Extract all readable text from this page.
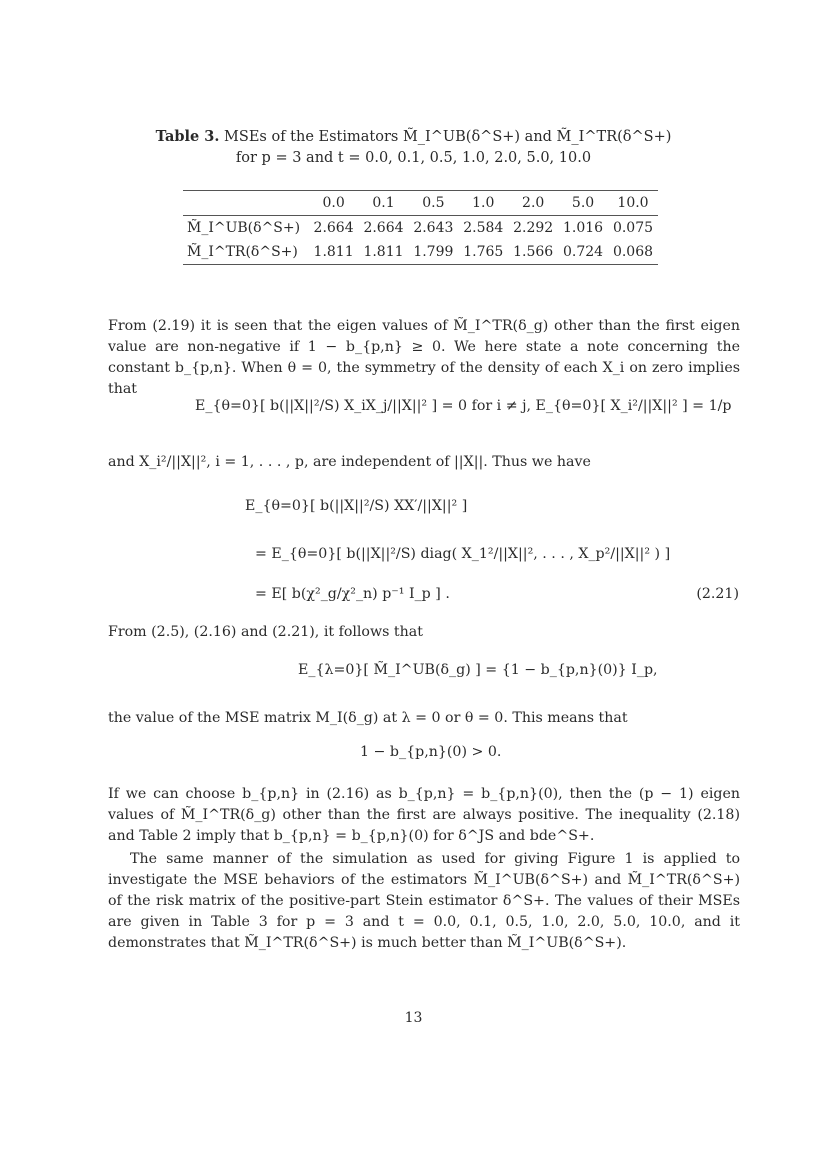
Table 3. MSEs of the Estimators M̃_I^UB(δ^S+) and M̃_I^TR(δ^S+)
for p = 3 and t = 0.0, 0.1, 0.5, 1.0, 2.0, 5.0, 10.0
	0.0	0.1	0.5	1.0	2.0	5.0	10.0
M̃_I^UB(δ^S+)	2.664	2.664	2.643	2.584	2.292	1.016	0.075
M̃_I^TR(δ^S+)	1.811	1.811	1.799	1.765	1.566	0.724	0.068
From (2.19) it is seen that the eigen values of M̃_I^TR(δ_g) other than the first eigen value are non-negative if 1 − b_{p,n} ≥ 0. We here state a note concerning the constant b_{p,n}. When θ = 0, the symmetry of the density of each X_i on zero implies that
E_{θ=0}[ b(||X||²/S) X_iX_j/||X||² ] = 0 for i ≠ j, E_{θ=0}[ X_i²/||X||² ] = 1/p
and X_i²/||X||², i = 1, . . . , p, are independent of ||X||. Thus we have
E_{θ=0}[ b(||X||²/S) XX′/||X||² ]
= E_{θ=0}[ b(||X||²/S) diag( X_1²/||X||², . . . , X_p²/||X||² ) ]
= E[ b(χ²_g/χ²_n) p⁻¹ I_p ] .	(2.21)
From (2.5), (2.16) and (2.21), it follows that
E_{λ=0}[ M̃_I^UB(δ_g) ] = {1 − b_{p,n}(0)} I_p,
the value of the MSE matrix M_I(δ_g) at λ = 0 or θ = 0. This means that
1 − b_{p,n}(0) > 0.
If we can choose b_{p,n} in (2.16) as b_{p,n} = b_{p,n}(0), then the (p − 1) eigen values of M̃_I^TR(δ_g) other than the first are always positive. The inequality (2.18) and Table 2 imply that b_{p,n} = b_{p,n}(0) for δ^JS and bde^S+.
The same manner of the simulation as used for giving Figure 1 is applied to investigate the MSE behaviors of the estimators M̃_I^UB(δ^S+) and M̃_I^TR(δ^S+) of the risk matrix of the positive-part Stein estimator δ^S+. The values of their MSEs are given in Table 3 for p = 3 and t = 0.0, 0.1, 0.5, 1.0, 2.0, 5.0, 10.0, and it demonstrates that M̃_I^TR(δ^S+) is much better than M̃_I^UB(δ^S+).
13
